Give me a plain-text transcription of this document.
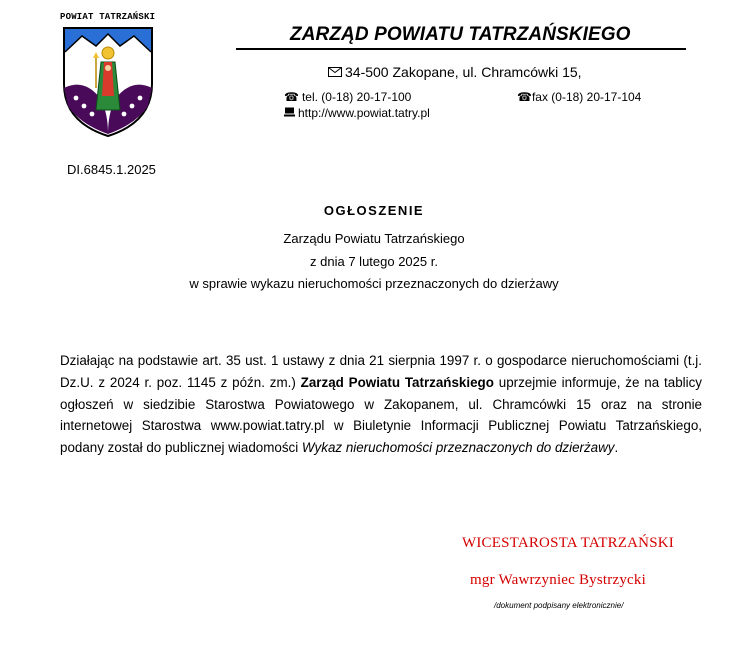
POWIAT TATRZAŃSKI
ZARZĄD POWIATU TATRZAŃSKIEGO
34-500 Zakopane, ul. Chramcówki 15,
☎ tel. (0-18) 20-17-100	☎fax (0-18) 20-17-104
http://www.powiat.tatry.pl
DI.6845.1.2025
OGŁOSZENIE
Zarządu Powiatu Tatrzańskiego
z dnia 7 lutego 2025 r.
w sprawie wykazu nieruchomości przeznaczonych do dzierżawy
Działając na podstawie art. 35 ust. 1 ustawy z dnia 21 sierpnia 1997 r. o gospodarce nieruchomościami (t.j. Dz.U. z 2024 r. poz. 1145 z późn. zm.) Zarząd Powiatu Tatrzańskiego uprzejmie informuje, że na tablicy ogłoszeń w siedzibie Starostwa Powiatowego w Zakopanem, ul. Chramcówki 15 oraz na stronie internetowej Starostwa www.powiat.tatry.pl w Biuletynie Informacji Publicznej Powiatu Tatrzańskiego, podany został do publicznej wiadomości Wykaz nieruchomości przeznaczonych do dzierżawy.
WICESTAROSTA TATRZAŃSKI
mgr Wawrzyniec Bystrzycki
/dokument podpisany elektronicznie/
